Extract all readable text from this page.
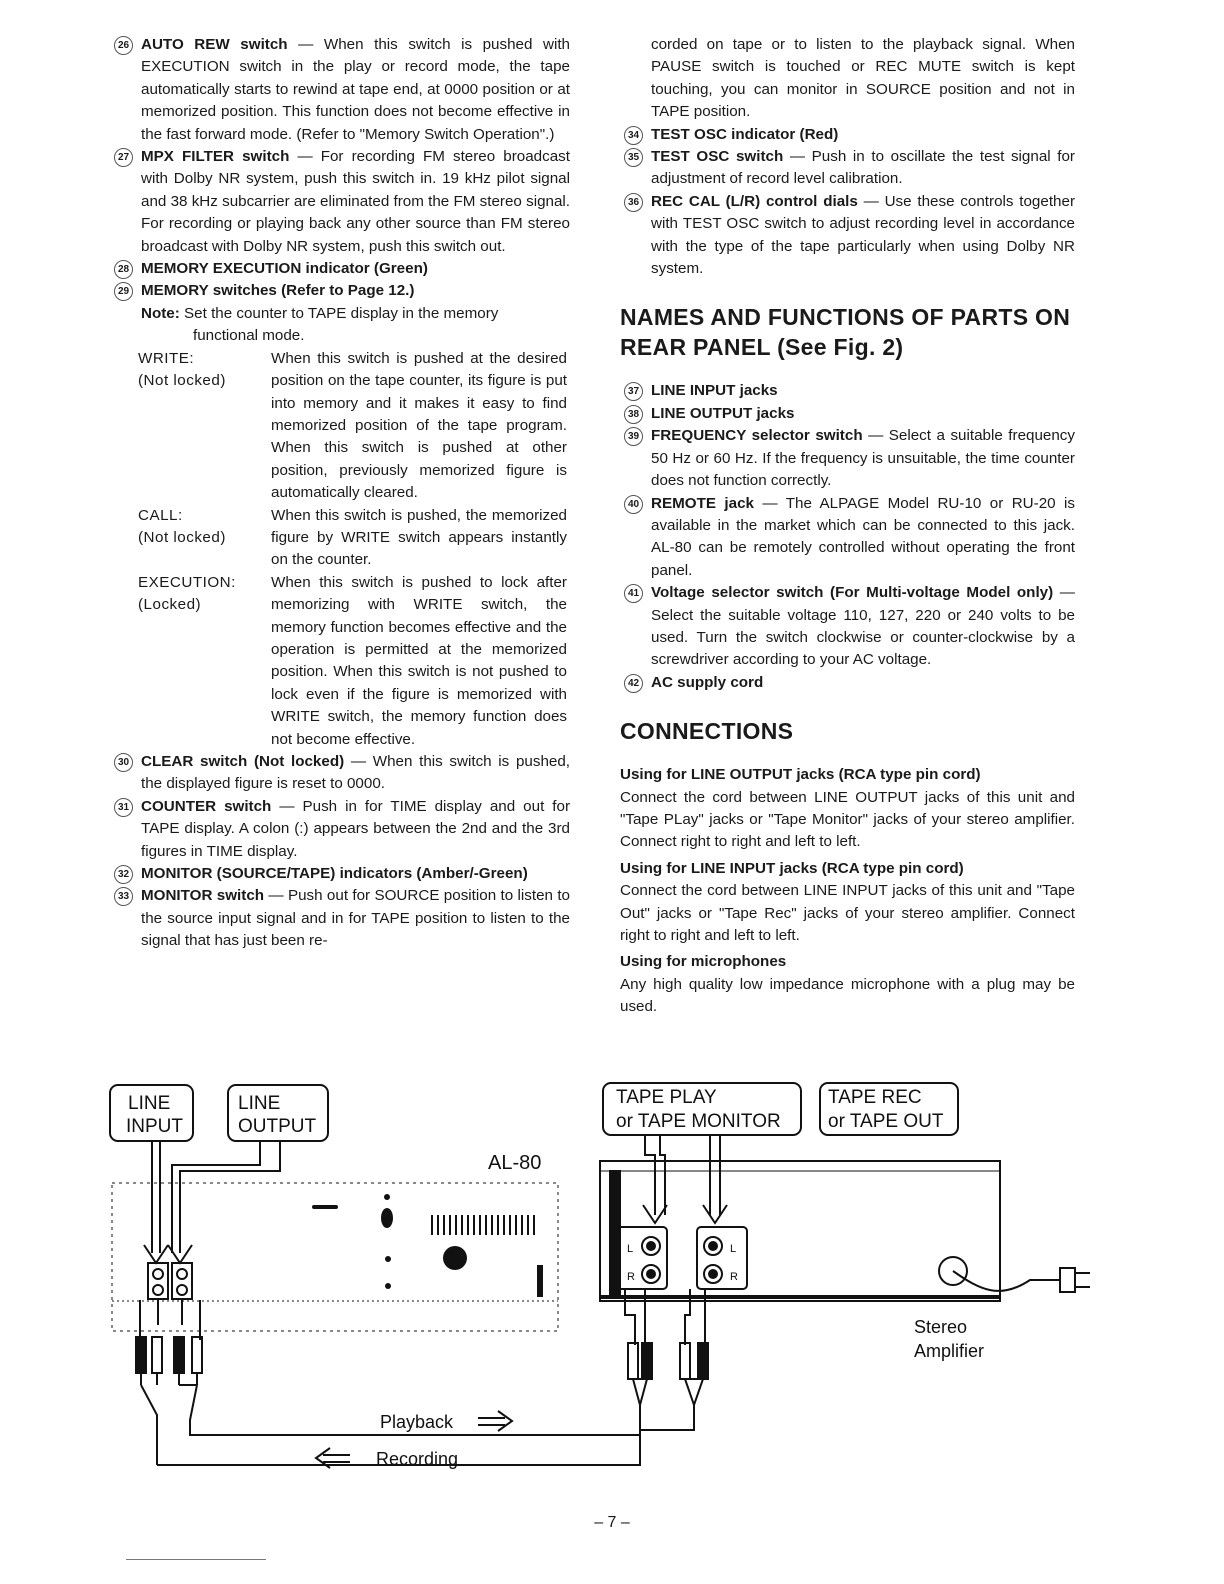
26 AUTO REW switch — When this switch is pushed with EXECUTION switch in the play or record mode, the tape automatically starts to rewind at tape end, at 0000 position or at memorized position. This function does not become effective in the fast forward mode. (Refer to "Memory Switch Operation".)

27 MPX FILTER switch — For recording FM stereo broadcast with Dolby NR system, push this switch in. 19 kHz pilot signal and 38 kHz subcarrier are eliminated from the FM stereo signal. For recording or playing back any other source than FM stereo broadcast with Dolby NR system, push this switch out.

28 MEMORY EXECUTION indicator (Green)

29 MEMORY switches (Refer to Page 12.)

Note: Set the counter to TAPE display in the memory
functional mode.

WRITE:
(Not locked)
When this switch is pushed at the desired position on the tape counter, its figure is put into memory and it makes it easy to find memorized position of the tape program. When this switch is pushed at other position, previously memorized figure is automatically cleared.
CALL:
(Not locked)
When this switch is pushed, the memorized figure by WRITE switch appears instantly on the counter.
EXECUTION:
(Locked)
When this switch is pushed to lock after memorizing with WRITE switch, the memory function becomes effective and the operation is permitted at the memorized position. When this switch is not pushed to lock even if the figure is memorized with WRITE switch, the memory function does not become effective.

30 CLEAR switch (Not locked) — When this switch is pushed, the displayed figure is reset to 0000.

31 COUNTER switch — Push in for TIME display and out for TAPE display. A colon (:) appears between the 2nd and the 3rd figures in TIME display.

32 MONITOR (SOURCE/TAPE) indicators (Amber/-Green)

33 MONITOR switch — Push out for SOURCE position to listen to the source input signal and in for TAPE position to listen to the signal that has just been re-

corded on tape or to listen to the playback signal. When PAUSE switch is touched or REC MUTE switch is kept touching, you can monitor in SOURCE position and not in TAPE position.

34 TEST OSC indicator (Red)

35 TEST OSC switch — Push in to oscillate the test signal for adjustment of record level calibration.

36 REC CAL (L/R) control dials — Use these controls together with TEST OSC switch to adjust recording level in accordance with the type of the tape particularly when using Dolby NR system.

NAMES AND FUNCTIONS OF PARTS ON
REAR PANEL (See Fig. 2)

37 LINE INPUT jacks

38 LINE OUTPUT jacks

39 FREQUENCY selector switch — Select a suitable frequency 50 Hz or 60 Hz. If the frequency is unsuitable, the time counter does not function correctly.

40 REMOTE jack — The ALPAGE Model RU-10 or RU-20 is available in the market which can be connected to this jack. AL-80 can be remotely controlled without operating the front panel.

41 Voltage selector switch (For Multi-voltage Model only) — Select the suitable voltage 110, 127, 220 or 240 volts to be used. Turn the switch clockwise or counter-clockwise by a screwdriver according to your AC voltage.

42 AC supply cord

CONNECTIONS

Using for LINE OUTPUT jacks (RCA type pin cord)

Connect the cord between LINE OUTPUT jacks of this unit and "Tape PLay" jacks or "Tape Monitor" jacks of your stereo amplifier. Connect right to right and left to left.

Using for LINE INPUT jacks (RCA type pin cord)

Connect the cord between LINE INPUT jacks of this unit and "Tape Out" jacks or "Tape Rec" jacks of your stereo amplifier. Connect right to right and left to left.

Using for microphones

Any high quality low impedance microphone with a plug may be used.

LINE
INPUT
LINE
OUTPUT
AL-80
TAPE PLAY
or TAPE MONITOR
TAPE REC
or TAPE OUT
L
R
L
R
Stereo
Amplifier
Playback
Recording
– 7 –
